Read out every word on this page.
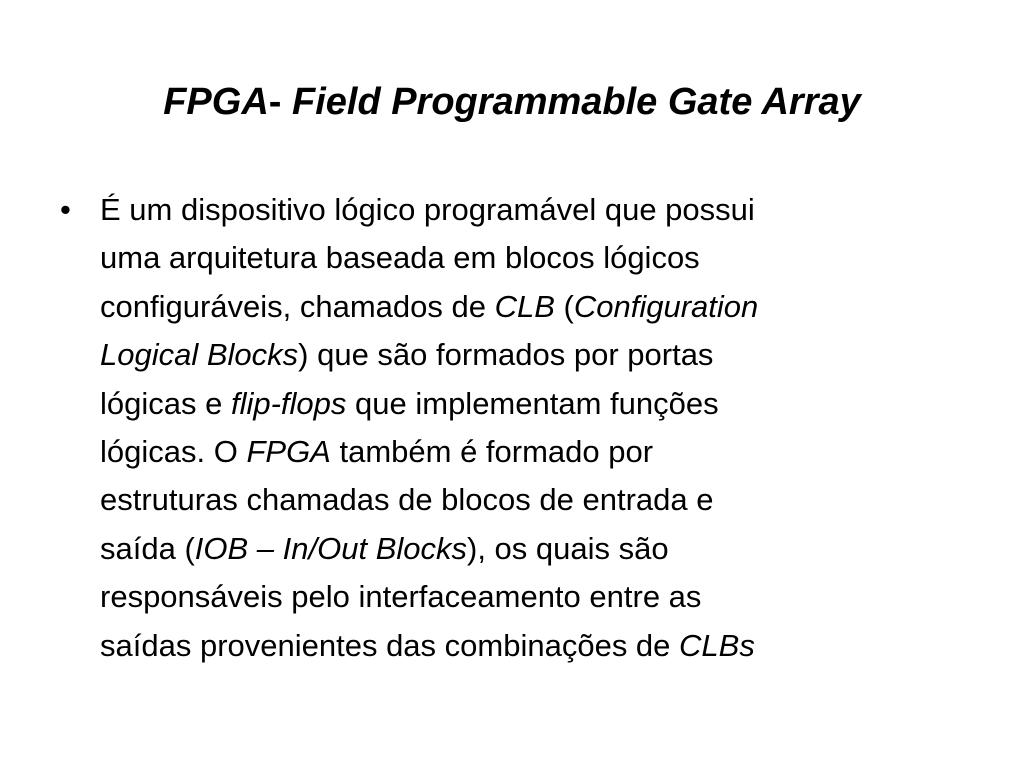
FPGA- Field Programmable Gate Array
• É um dispositivo lógico programável que possui
uma arquitetura baseada em blocos lógicos
configuráveis, chamados de CLB (Configuration
Logical Blocks) que são formados por portas
lógicas e flip-flops que implementam funções
lógicas. O FPGA também é formado por
estruturas chamadas de blocos de entrada e
saída (IOB – In/Out Blocks), os quais são
responsáveis pelo interfaceamento entre as
saídas provenientes das combinações de CLBs
